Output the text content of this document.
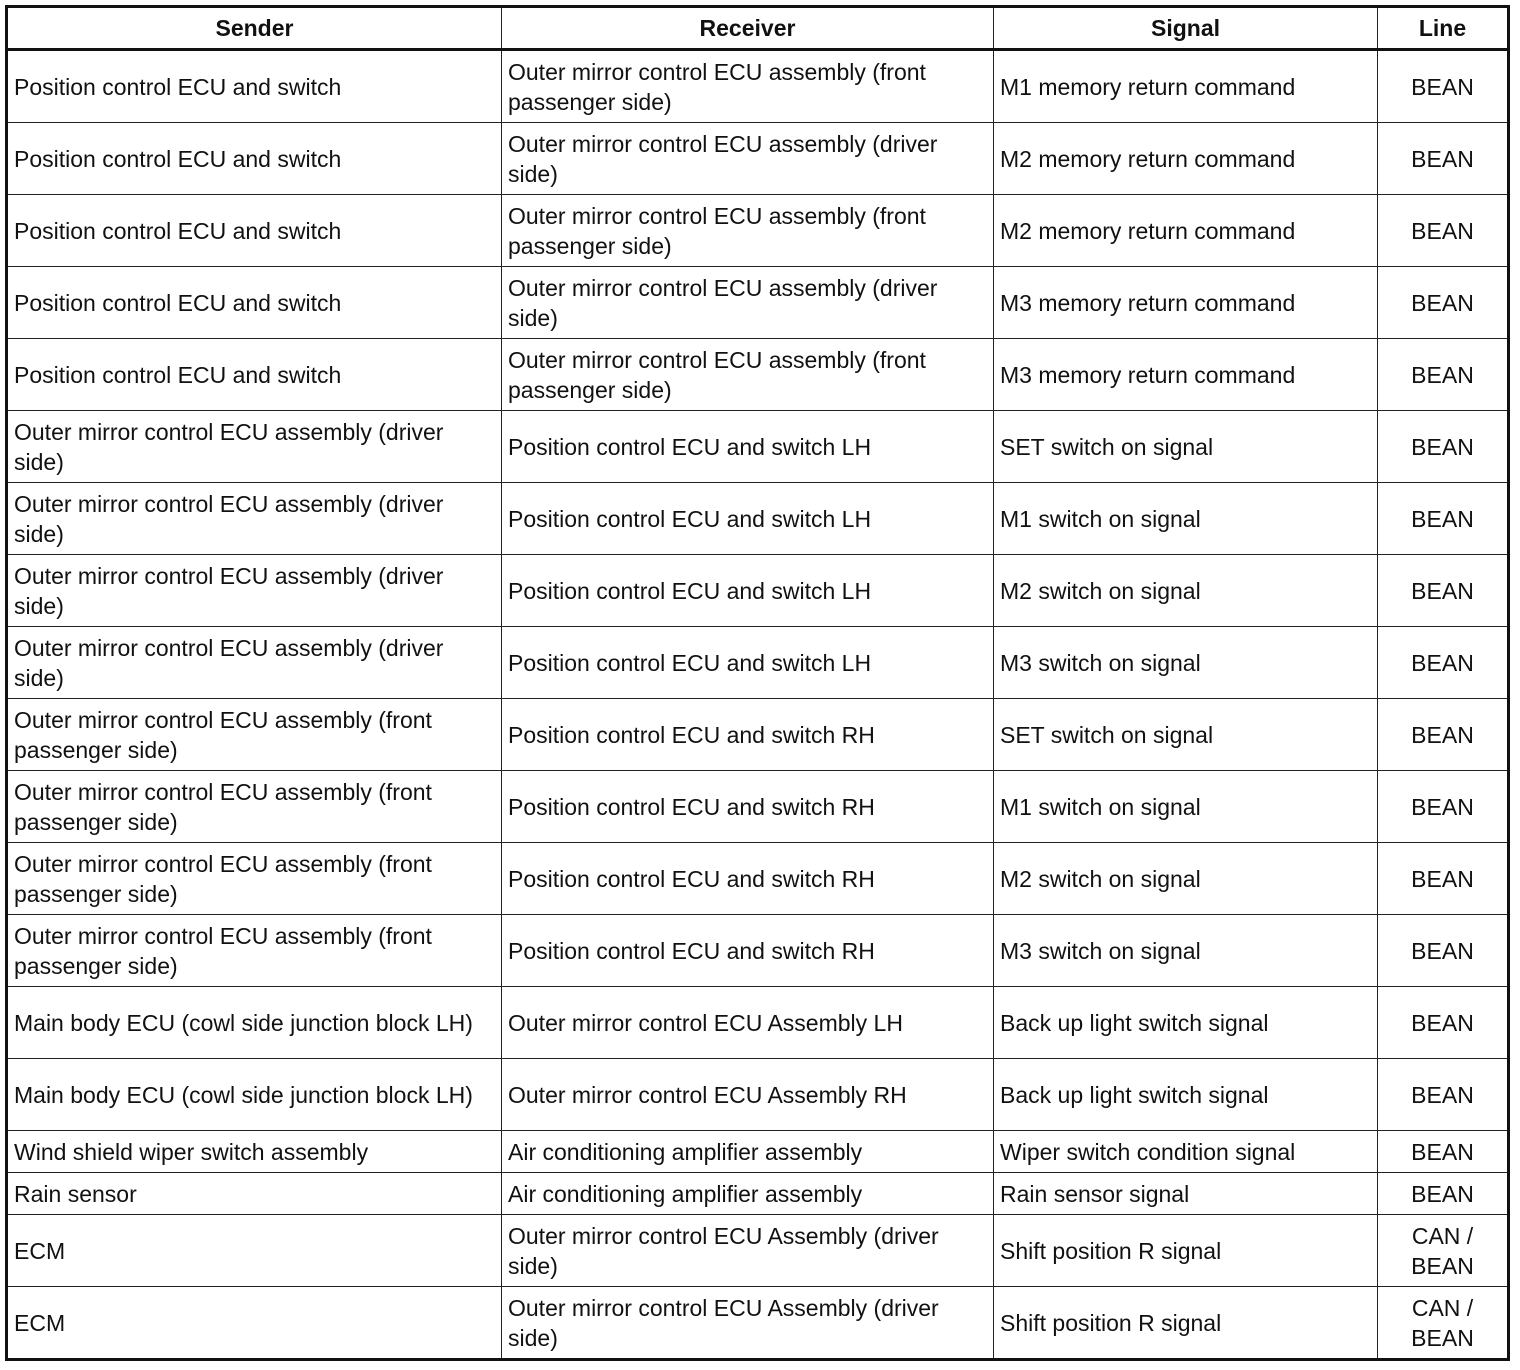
Sender	Receiver	Signal	Line
Position control ECU and switch	Outer mirror control ECU assembly (front passenger side)	M1 memory return command	BEAN
Position control ECU and switch	Outer mirror control ECU assembly (driver side)	M2 memory return command	BEAN
Position control ECU and switch	Outer mirror control ECU assembly (front passenger side)	M2 memory return command	BEAN
Position control ECU and switch	Outer mirror control ECU assembly (driver side)	M3 memory return command	BEAN
Position control ECU and switch	Outer mirror control ECU assembly (front passenger side)	M3 memory return command	BEAN
Outer mirror control ECU assembly (driver side)	Position control ECU and switch LH	SET switch on signal	BEAN
Outer mirror control ECU assembly (driver side)	Position control ECU and switch LH	M1 switch on signal	BEAN
Outer mirror control ECU assembly (driver side)	Position control ECU and switch LH	M2 switch on signal	BEAN
Outer mirror control ECU assembly (driver side)	Position control ECU and switch LH	M3 switch on signal	BEAN
Outer mirror control ECU assembly (front passenger side)	Position control ECU and switch RH	SET switch on signal	BEAN
Outer mirror control ECU assembly (front passenger side)	Position control ECU and switch RH	M1 switch on signal	BEAN
Outer mirror control ECU assembly (front passenger side)	Position control ECU and switch RH	M2 switch on signal	BEAN
Outer mirror control ECU assembly (front passenger side)	Position control ECU and switch RH	M3 switch on signal	BEAN
Main body ECU (cowl side junction block LH)	Outer mirror control ECU Assembly LH	Back up light switch signal	BEAN
Main body ECU (cowl side junction block LH)	Outer mirror control ECU Assembly RH	Back up light switch signal	BEAN
Wind shield wiper switch assembly	Air conditioning amplifier assembly	Wiper switch condition signal	BEAN
Rain sensor	Air conditioning amplifier assembly	Rain sensor signal	BEAN
ECM	Outer mirror control ECU Assembly (driver side)	Shift position R signal	CAN /
BEAN
ECM	Outer mirror control ECU Assembly (driver side)	Shift position R signal	CAN /
BEAN
